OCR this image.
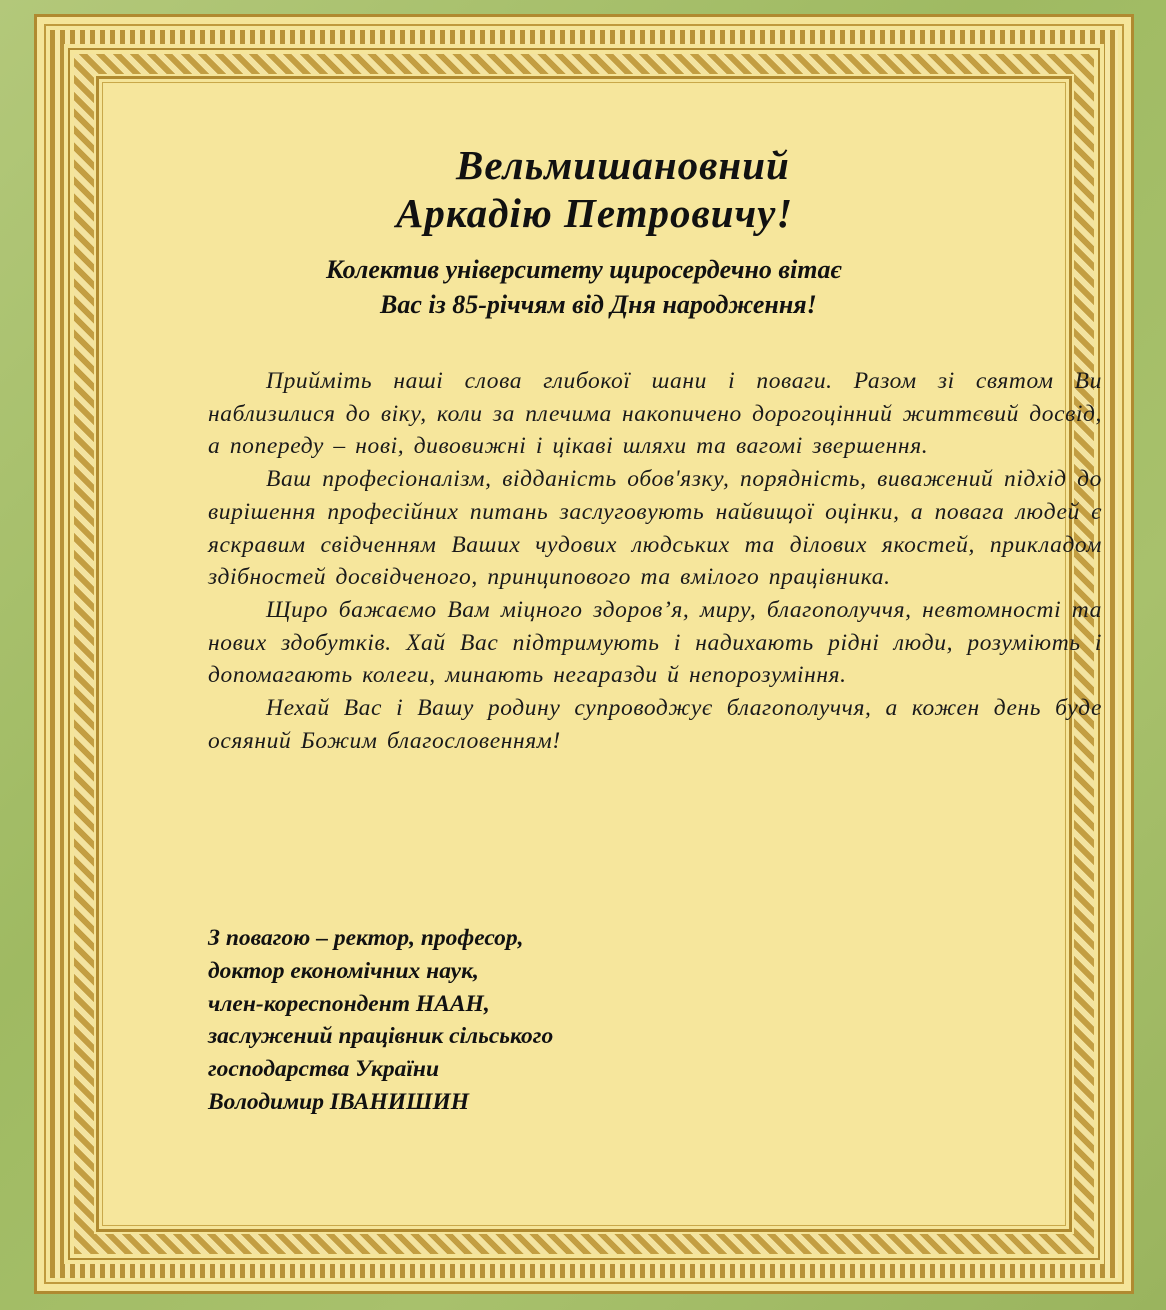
Вельмишановний
Аркадію Петровичу!
Колектив університету щиросердечно вітає
Вас із 85-річчям від Дня народження!

Прийміть наші слова глибокої шани і поваги. Разом зі святом Ви наблизилися до віку, коли за плечима накопичено дорогоцінний життєвий досвід, а попереду – нові, дивовижні і цікаві шляхи та вагомі звершення.

Ваш професіоналізм, відданість обов'язку, порядність, виважений підхід до вирішення професійних питань заслуговують найвищої оцінки, а повага людей є яскравим свідченням Ваших чудових людських та ділових якостей, прикладом здібностей досвідченого, принципового та вмілого працівника.

Щиро бажаємо Вам міцного здоров’я, миру, благополуччя, невтомності та нових здобутків. Хай Вас підтримують і надихають рідні люди, розуміють і допомагають колеги, минають негаразди й непорозуміння.

Нехай Вас і Вашу родину супроводжує благополуччя, а кожен день буде осяяний Божим благословенням!

З повагою – ректор, професор,
доктор економічних наук,
член-кореспондент НААН,
заслужений працівник сільського
господарства України
Володимир ІВАНИШИН
